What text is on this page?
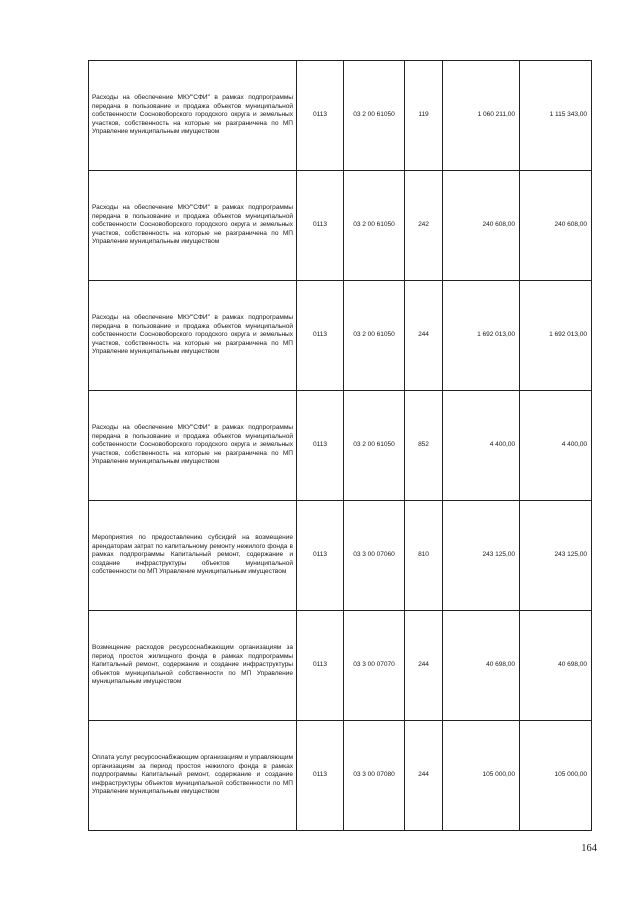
Расходы на обеспечение МКУ"СФИ" в рамках подпрограммы передача в пользование и продажа объектов муниципальной собственности Сосновоборского городского округа и земельных участков, собственность на которые не разграничена по МП Управление муниципальным имуществом	0113	03 2 00 61050	119	1 060 211,00	1 115 343,00
Расходы на обеспечение МКУ"СФИ" в рамках подпрограммы передача в пользование и продажа объектов муниципальной собственности Сосновоборского городского округа и земельных участков, собственность на которые не разграничена по МП Управление муниципальным имуществом	0113	03 2 00 61050	242	240 608,00	240 608,00
Расходы на обеспечение МКУ"СФИ" в рамках подпрограммы передача в пользование и продажа объектов муниципальной собственности Сосновоборского городского округа и земельных участков, собственность на которые не разграничена по МП Управление муниципальным имуществом	0113	03 2 00 61050	244	1 692 013,00	1 692 013,00
Расходы на обеспечение МКУ"СФИ" в рамках подпрограммы передача в пользование и продажа объектов муниципальной собственности Сосновоборского городского округа и земельных участков, собственность на которые не разграничена по МП Управление муниципальным имуществом	0113	03 2 00 61050	852	4 400,00	4 400,00
Мероприятия по предоставлению субсидий на возмещение арендаторам затрат по капитальному ремонту нежилого фонда в рамках подпрограммы Капитальный ремонт, содержание и создание инфраструктуры объектов муниципальной собственности по МП Управление муниципальным имуществом	0113	03 3 00 07060	810	243 125,00	243 125,00
Возмещение расходов ресурсоснабжающим организациям за период простоя жилищного фонда в рамках подпрограммы Капитальный ремонт, содержание и создание инфраструктуры объектов муниципальной собственности по МП Управление муниципальным имуществом	0113	03 3 00 07070	244	40 698,00	40 698,00
Оплата услуг ресурсоснабжающим организациям и управляющим организациям за период простоя нежилого фонда в рамках подпрограммы Капитальный ремонт, содержание и создание инфраструктуры объектов муниципальной собственности по МП Управление муниципальным имуществом	0113	03 3 00 07080	244	105 000,00	105 000,00
164
